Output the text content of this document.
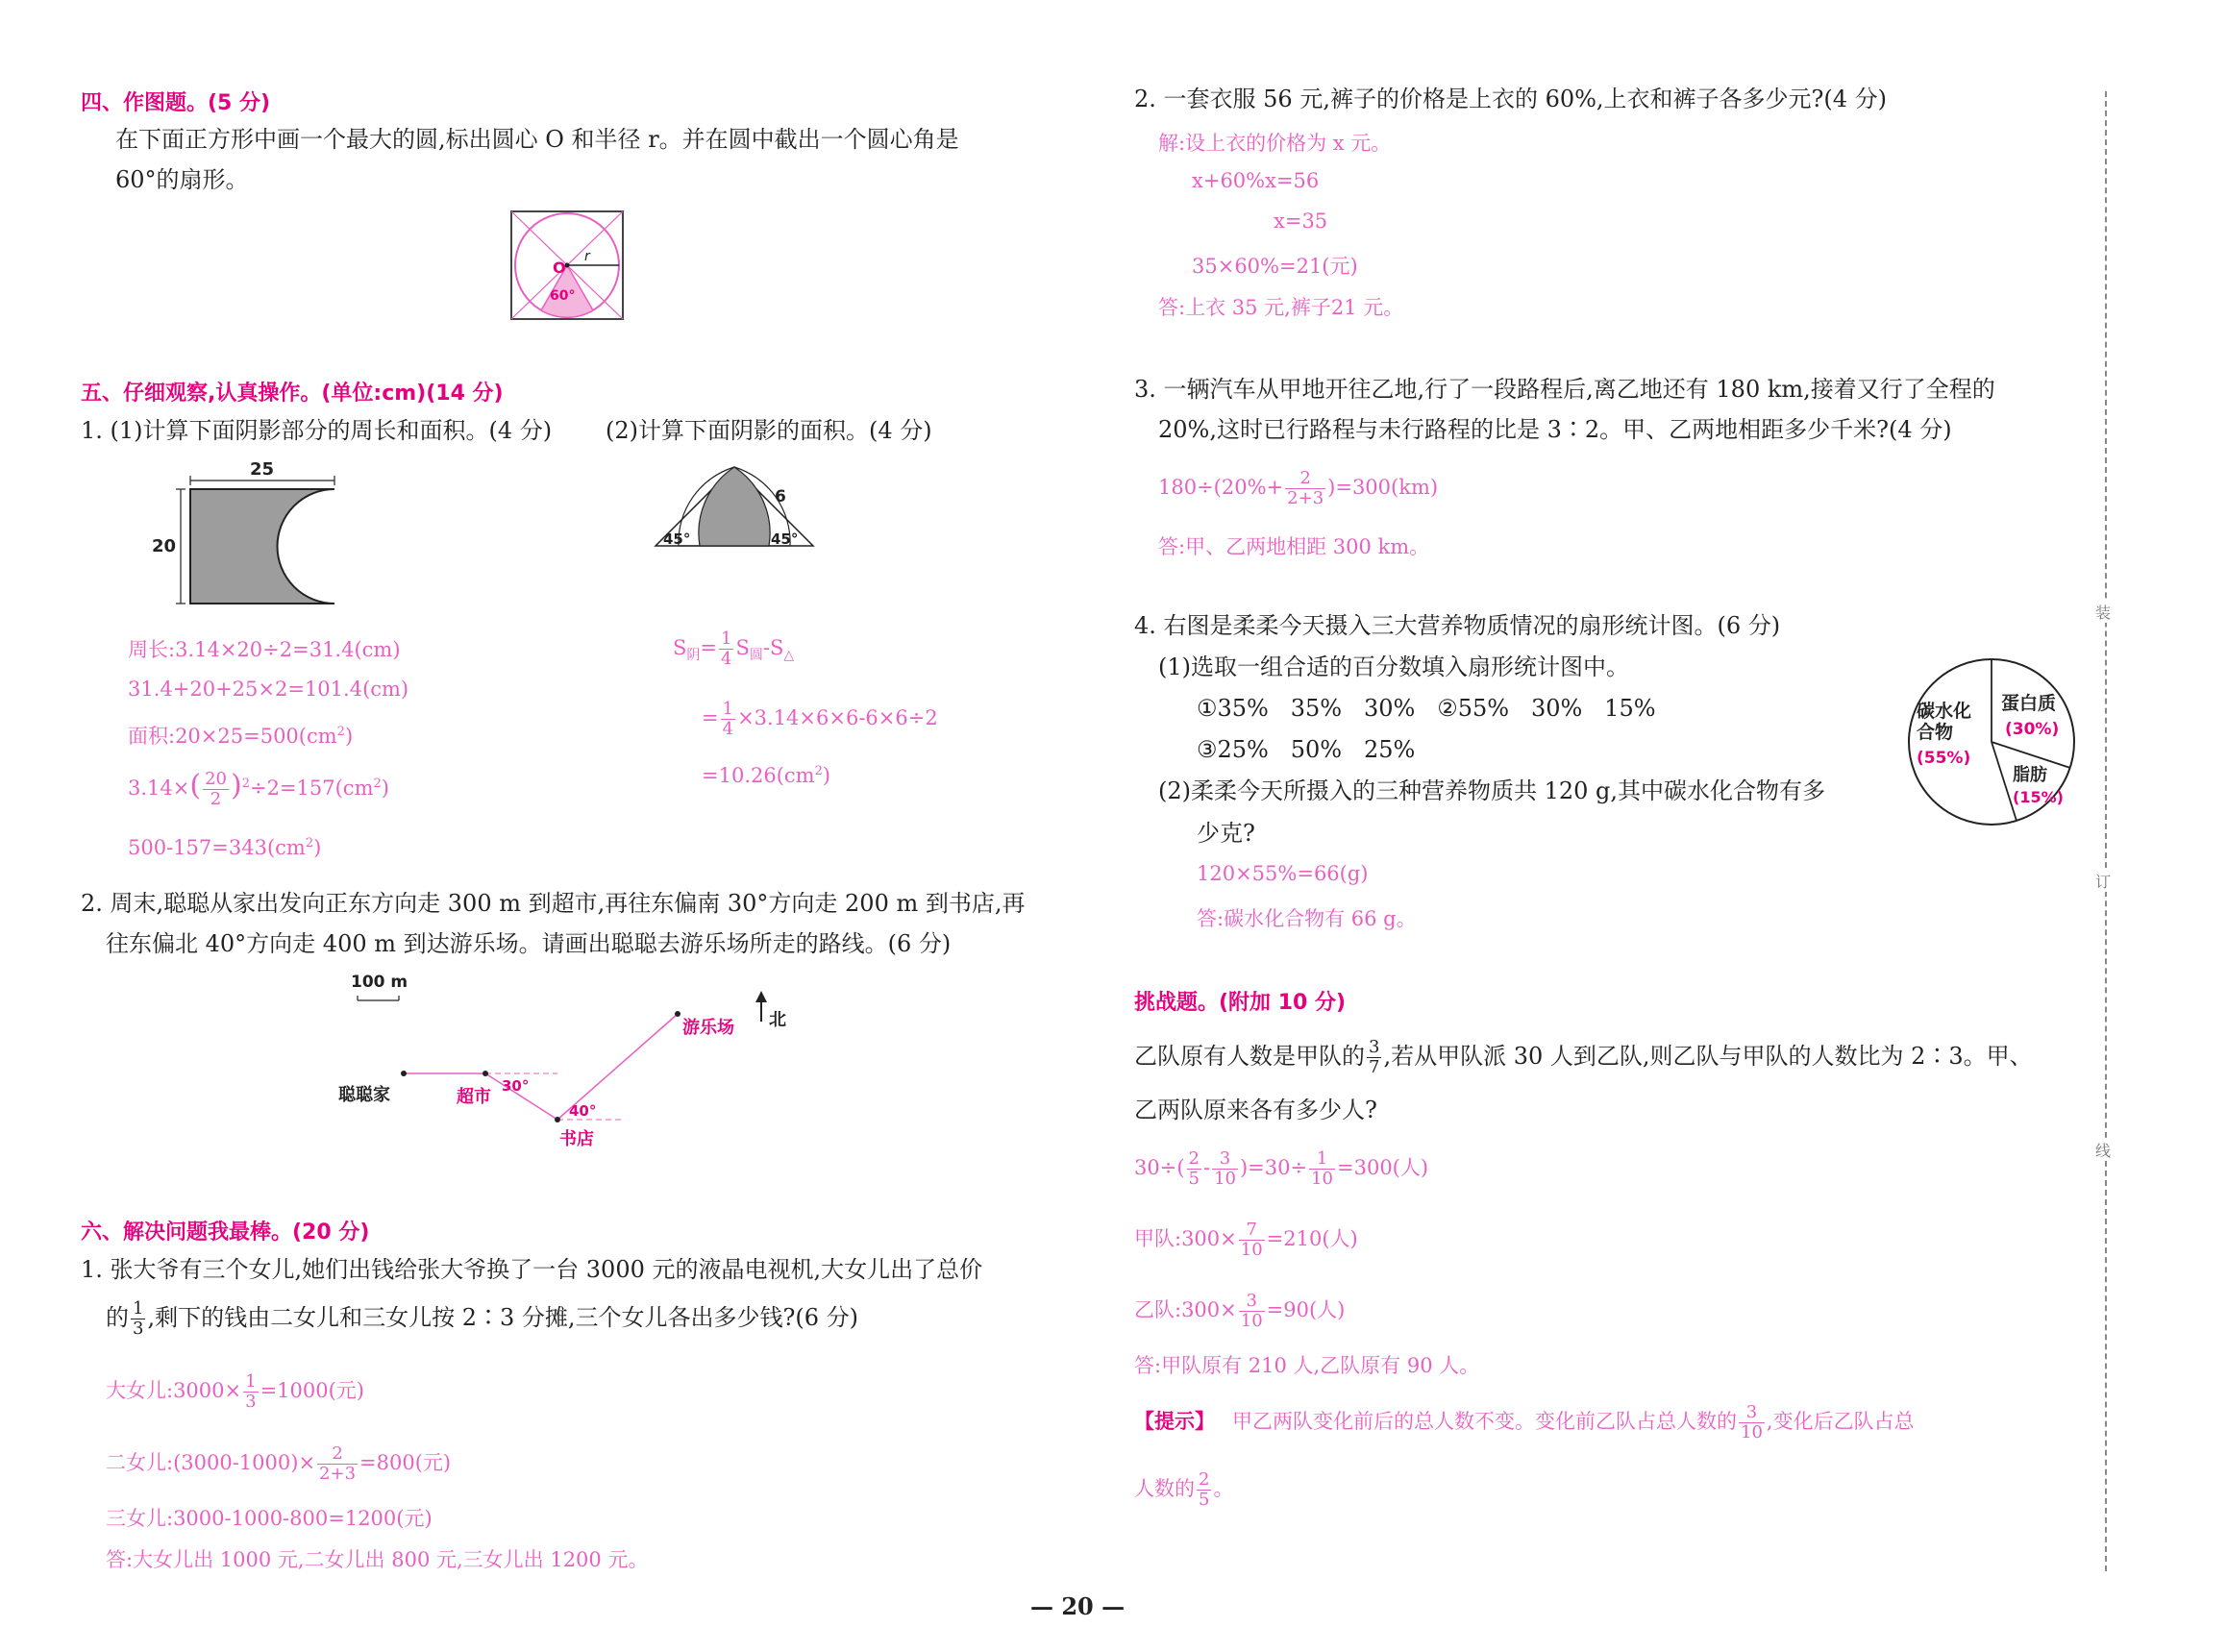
四、作图题。(5 分)
在下面正方形中画一个最大的圆,标出圆心 O 和半径 r。并在圆中截出一个圆心角是
60°的扇形。
O
r
60°
五、仔细观察,认真操作。(单位:cm)(14 分)
1. (1)计算下面阴影部分的周长和面积。(4 分) (2)计算下面阴影的面积。(4 分)
25
20
6
45°	45°
周长:3.14×20÷2=31.4(cm)
31.4+20+25×2=101.4(cm)
面积$:20\times 25=500(cm^2)$
$3.14\times( \frac{20}{2} )^2\div 2=157(cm^2)$
$500-157=343(cm^2)$
$S_阴= \frac{1}{4} S_圆-S_\triangle$
= $\frac{1}{4} \times 3.14\times 6\times 6-6\times 6\div 2$
$=10.26(cm^2)$
2. 周末,聪聪从家出发向正东方向走 300 m 到超市,再往东偏南 30°方向走 200 m 到书店,再
往东偏北 40°方向走 400 m 到达游乐场。请画出聪聪去游乐场所走的路线。(6 分)
100 m
聪聪家	超市
30°
40°
书店
游乐场 北
六、解决问题我最棒。(20 分)
1. 张大爷有三个女儿,她们出钱给张大爷换了一台 3000 元的液晶电视机,大女儿出了总价
的 $\frac{1}{3}$ ,剩下的钱由二女儿和三女儿按 2∶3 分摊,三个女儿各出多少钱?(6 分)
大女儿:3000× $\frac{1}{3} =1000$(元)
二女儿:(3000-1000)× $\frac{2}{2+3} =800$(元)
三女儿:3000-1000-800=1200(元)
答:大女儿出 1000 元,二女儿出 800 元,三女儿出 1200 元。
2. 一套衣服 56 元,裤子的价格是上衣的 60%,上衣和裤子各多少元?(4 分)
解:设上衣的价格为 x 元。
x+60%x=56
x=35
35×60%=21(元)
答:上衣 35 元,裤子21 元。
3. 一辆汽车从甲地开往乙地,行了一段路程后,离乙地还有 180 km,接着又行了全程的
20%,这时已行路程与未行路程的比是 3∶2。甲、乙两地相距多少千米?(4 分)
$180\div(20\%+ \frac{2}{2+3} )=300(km)$
答:甲、乙两地相距 300 km。
4. 右图是柔柔今天摄入三大营养物质情况的扇形统计图。(6 分)
(1)选取一组合适的百分数填入扇形统计图中。
①35%   35%   30%   ②55%   30%   15%
③25%   50%   25%
(2)柔柔今天所摄入的三种营养物质共 120 g,其中碳水化合物有多
少克?
120×55%=66(g)
答:碳水化合物有 66 g。
碳水化
合物
(55%)
蛋白质
(30%)
脂肪
(15%)
挑战题。(附加 10 分)
乙队原有人数是甲队的 $\frac{3}{7}$ ,若从甲队派 30 人到乙队,则乙队与甲队的人数比为 2∶3。甲、
乙两队原来各有多少人?
$30\div( \frac{2}{5} - \frac{3}{10} )=30\div \frac{1}{10} =300$(人)
甲队:300× $\frac{7}{10} =210$(人)
乙队:300× $\frac{3}{10} =90$(人)
答:甲队原有 210 人,乙队原有 90 人。
【提示】 甲乙两队变化前后的总人数不变。变化前乙队占总人数的 $\frac{3}{10}$ ,变化后乙队占总
人数的 $\frac{2}{5}$ 。
装
订
线
— 20 —
